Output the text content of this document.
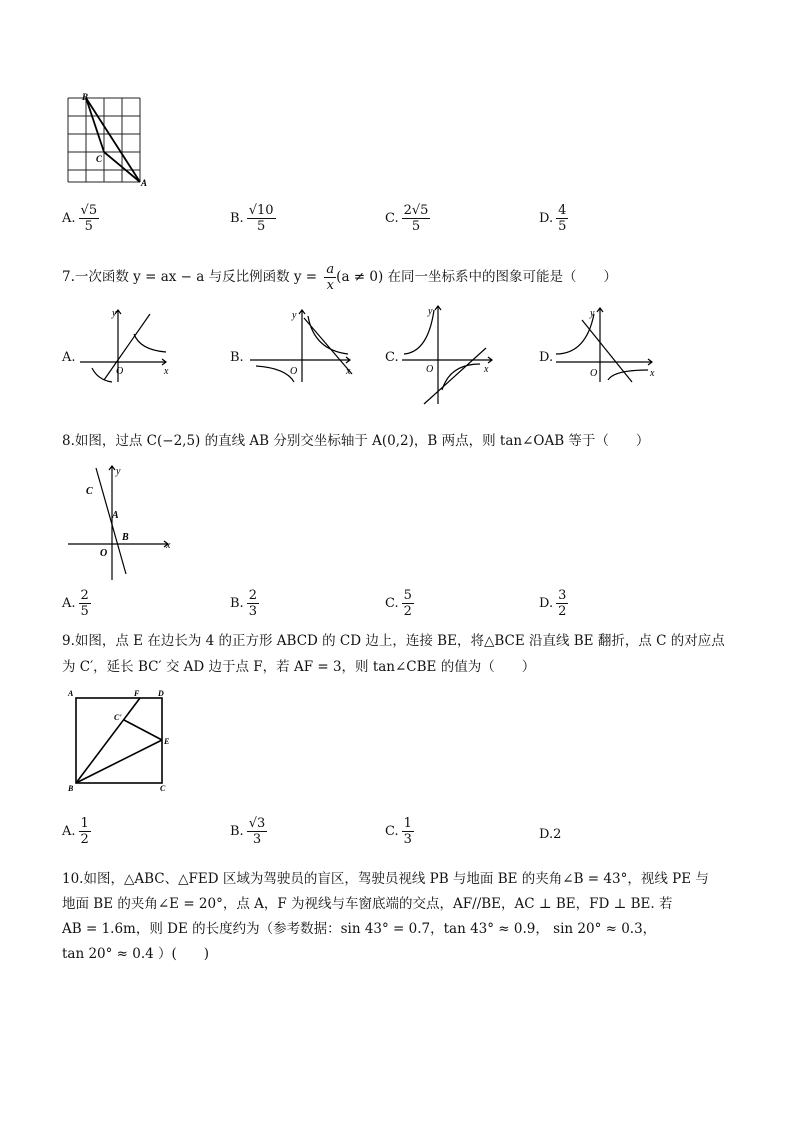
B
C
A
A. $\frac{√5}{5}$	B. $\frac{√10}{5}$	C. $\frac{2√5}{5}$	D. $\frac{4}{5}$
7.一次函数 y = ax − a 与反比例函数 $y = \frac{a}{x} (a \ne 0)$ 在同一坐标系中的图象可能是（　　）
A.
x
y
O
B.
x
y
O
C.
x
y
O
D.
x
y
O
8.如图，过点 C(−2,5) 的直线 AB 分别交坐标轴于 A(0,2)，B 两点，则 tan∠OAB 等于（　　）
x
y
C
A
B
O
A. $\frac{2}{5}$	B. $\frac{2}{3}$	C. $\frac{5}{2}$	D. $\frac{3}{2}$
9.如图，点 E 在边长为 4 的正方形 ABCD 的 CD 边上，连接 BE，将△BCE 沿直线 BE 翻折，点 C 的对应点
为 C′，延长 BC′ 交 AD 边于点 F，若 AF = 3，则 tan∠CBE 的值为（　　）
A	F D
C'
E
B	C
A. $\frac{1}{2}$	B. $\frac{√3}{3}$	C. $\frac{1}{3}$	D.2
10.如图，△ABC、△FED 区域为驾驶员的盲区，驾驶员视线 PB 与地面 BE 的夹角∠B = 43°，视线 PE 与
地面 BE 的夹角∠E = 20°，点 A，F 为视线与车窗底端的交点，AF//BE，AC ⊥ BE，FD ⊥ BE. 若
AB = 1.6m，则 DE 的长度约为（参考数据：sin 43° = 0.7，tan 43° ≈ 0.9， sin 20° ≈ 0.3，
tan 20° ≈ 0.4 ）(　　)
